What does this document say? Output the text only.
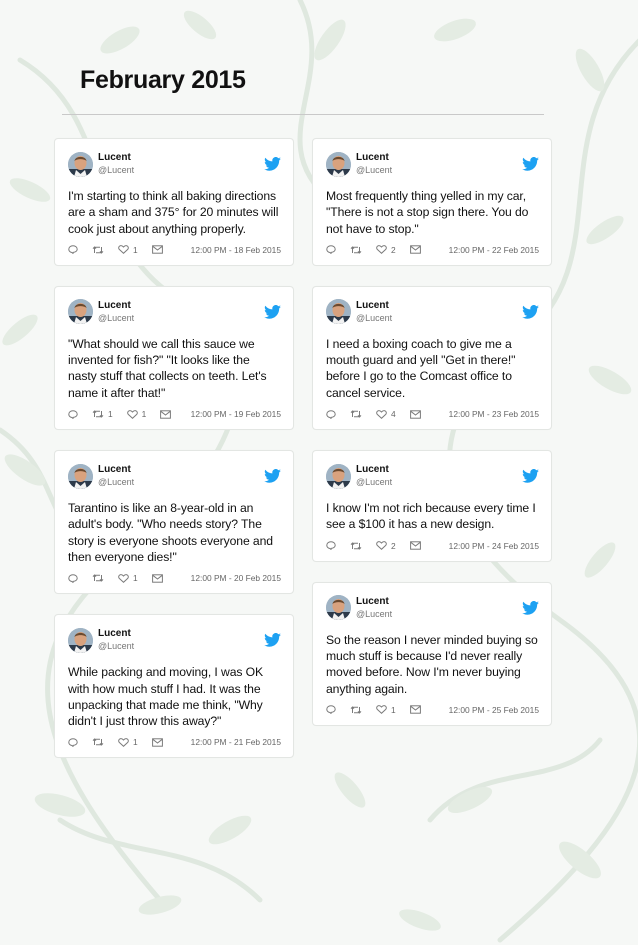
February 2015
Lucent
@Lucent
I'm starting to think all baking directions are a sham and 375° for 20 minutes will cook just about anything properly.
1	12:00 PM - 18 Feb 2015
Lucent
@Lucent
"What should we call this sauce we invented for fish?" "It looks like the nasty stuff that collects on teeth. Let's name it after that!"
1	1	12:00 PM - 19 Feb 2015
Lucent
@Lucent
Tarantino is like an 8-year-old in an adult's body. "Who needs story? The story is everyone shoots everyone and then everyone dies!"
1	12:00 PM - 20 Feb 2015
Lucent
@Lucent
While packing and moving, I was OK with how much stuff I had. It was the unpacking that made me think, "Why didn't I just throw this away?"
1	12:00 PM - 21 Feb 2015
Lucent
@Lucent
Most frequently thing yelled in my car, "There is not a stop sign there. You do not have to stop."
2	12:00 PM - 22 Feb 2015
Lucent
@Lucent
I need a boxing coach to give me a mouth guard and yell "Get in there!" before I go to the Comcast office to cancel service.
4	12:00 PM - 23 Feb 2015
Lucent
@Lucent
I know I'm not rich because every time I see a $100 it has a new design.
2	12:00 PM - 24 Feb 2015
Lucent
@Lucent
So the reason I never minded buying so much stuff is because I'd never really moved before. Now I'm never buying anything again.
1	12:00 PM - 25 Feb 2015
